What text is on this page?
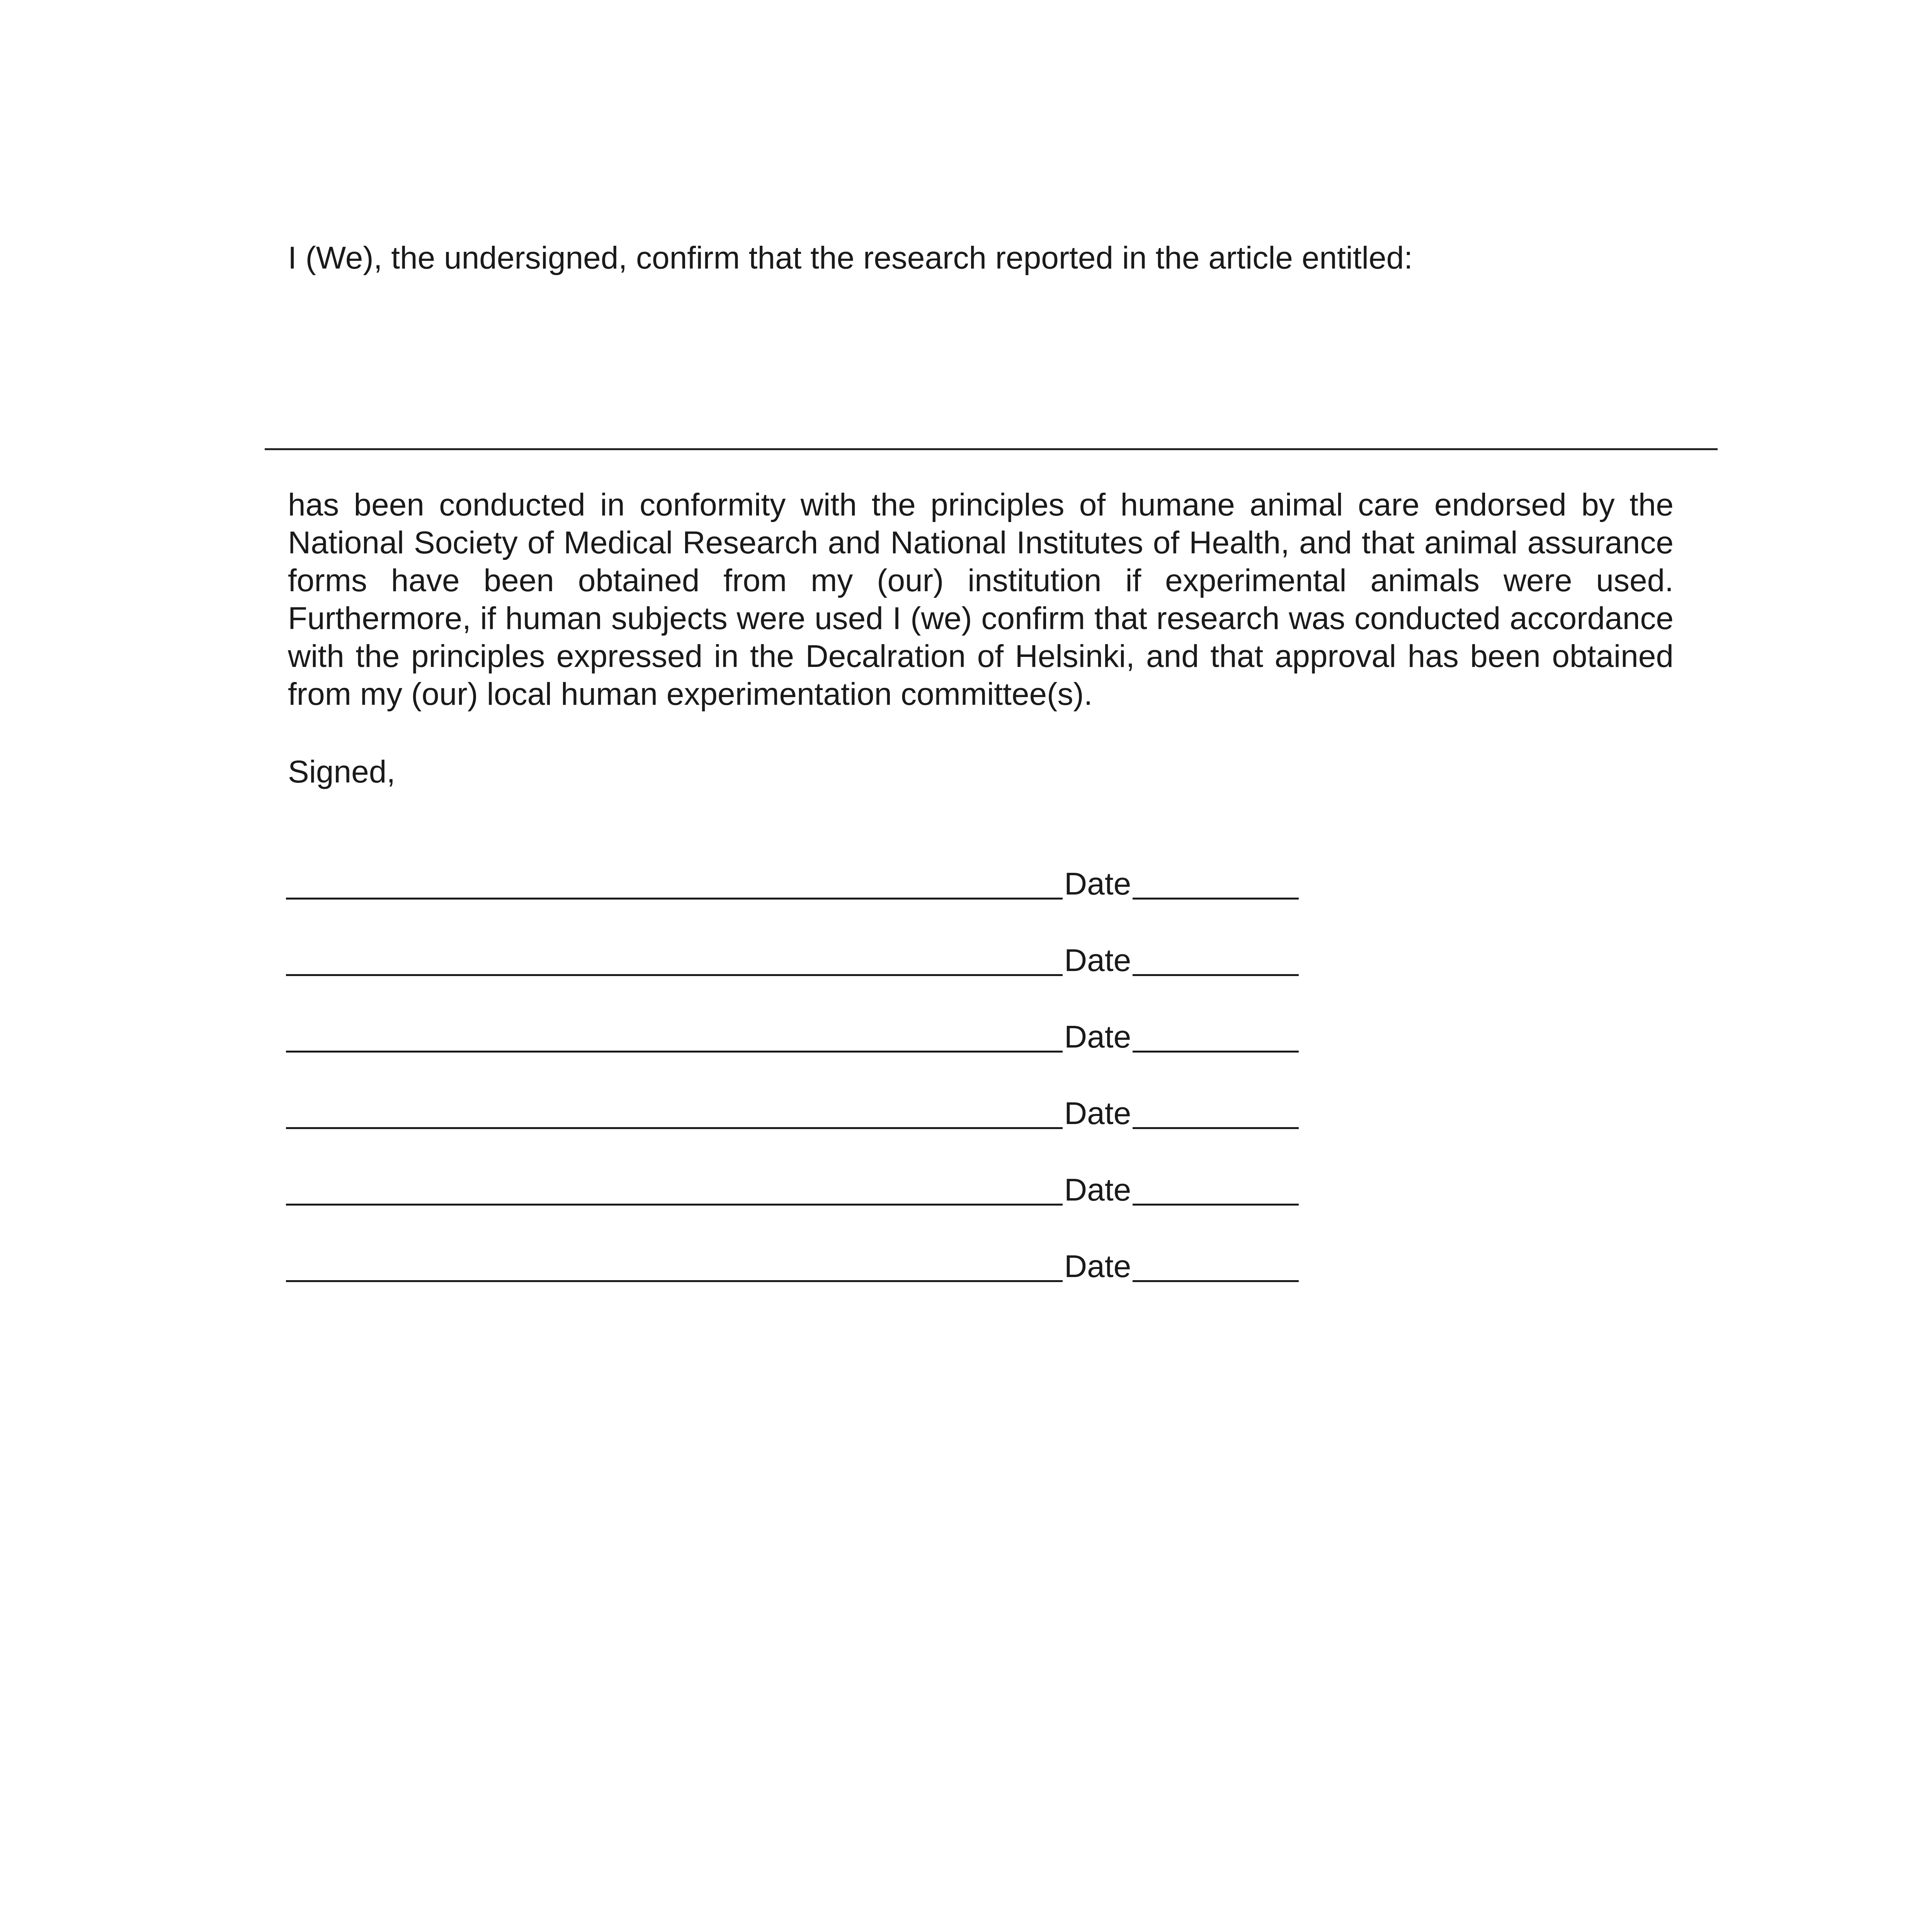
I (We), the undersigned, confirm that the research reported in the article entitled:

has been conducted in conformity with the principles of humane animal care endorsed by the National Society of Medical Research and National Institutes of Health, and that animal assurance forms have been obtained from my (our) institution if experimental animals were used. Furthermore, if human subjects were used I (we) confirm that research was conducted accordance with the principles expressed in the Decalration of Helsinki, and that approval has been obtained from my (our) local human experimentation committee(s).

Signed,

Date
Date
Date
Date
Date
Date
